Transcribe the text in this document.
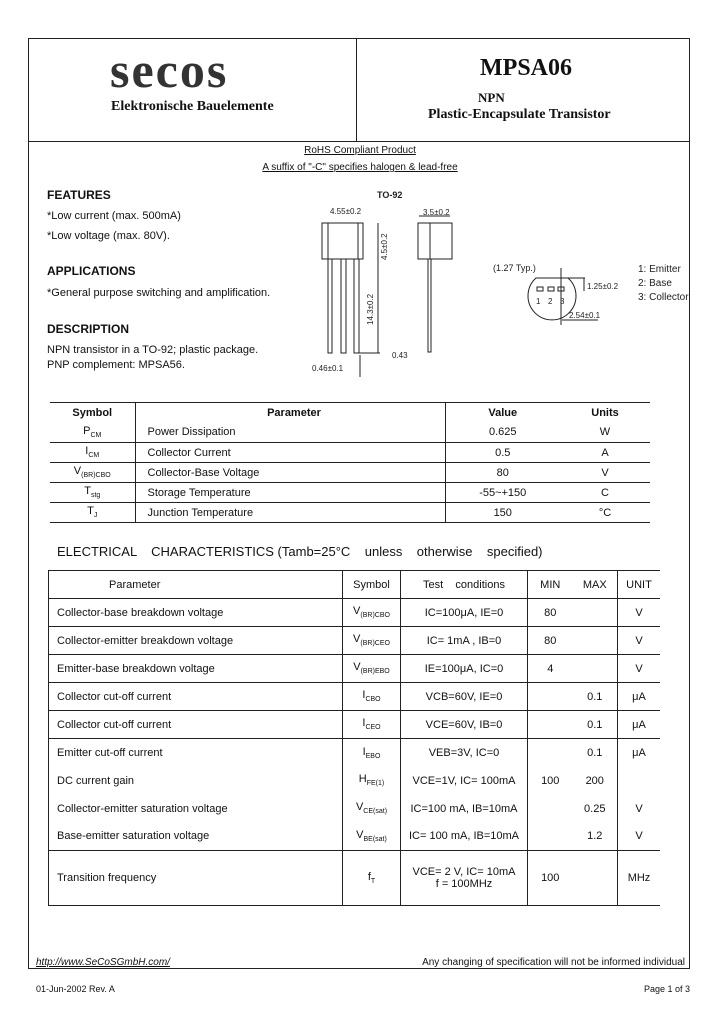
secos
Elektronische Bauelemente
MPSA06
NPN
Plastic-Encapsulate Transistor
RoHS Compliant Product
A suffix of "-C" specifies halogen & lead-free
FEATURES
*Low current (max. 500mA)
*Low voltage (max. 80V).
APPLICATIONS
*General purpose switching and amplification.
DESCRIPTION
NPN transistor in a TO-92; plastic package.
PNP complement: MPSA56.
TO-92
4.55±0.2
4.5±0.2
14.3±0.2
0.46±0.1
3.5±0.2
0.43
1 2 3
(1.27 Typ.)
1.25±0.2
2.54±0.1
1: Emitter
2: Base
3: Collector
Symbol	Parameter	Value	Units
$P_{CM}$	Power Dissipation	0.625	W
$I_{CM}$	Collector Current	0.5	A
$V_{(BR)CBO}$	Collector-Base Voltage	80	V
$T_{stg}$	Storage Temperature	-55~+150	C
$T_J$	Junction Temperature	150	°C
ELECTRICAL    CHARACTERISTICS (Tamb=25°C    unless    otherwise    specified)
Parameter	Symbol	Test    conditions	MIN	MAX	UNIT
Collector-base breakdown voltage	$V_{(BR)CBO}$	IC=100μA, IE=0	80		V
Collector-emitter breakdown voltage	$V_{(BR)CEO}$	IC= 1mA , IB=0	80		V
Emitter-base breakdown voltage	$V_{(BR)EBO}$	IE=100μA, IC=0	4		V
Collector cut-off current	$I_{CBO}$	VCB=60V, IE=0		0.1	μA
Collector cut-off current	$I_{CEO}$	VCE=60V, IB=0		0.1	μA
Emitter cut-off current	$I_{EBO}$	VEB=3V, IC=0		0.1	μA
DC current gain	$H_{FE(1)}$	VCE=1V, IC= 100mA	100	200	
Collector-emitter saturation voltage	$V_{CE(sat)}$	IC=100 mA, IB=10mA		0.25	V
Base-emitter saturation voltage	$V_{BE(sat)}$	IC= 100 mA, IB=10mA		1.2	V
Transition frequency	$f_T$	VCE= 2 V, IC= 10mA
f = 100MHz	100		MHz
http://www.SeCoSGmbH.com/	Any changing of specification will not be informed individual
01-Jun-2002 Rev. A	Page 1 of 3
